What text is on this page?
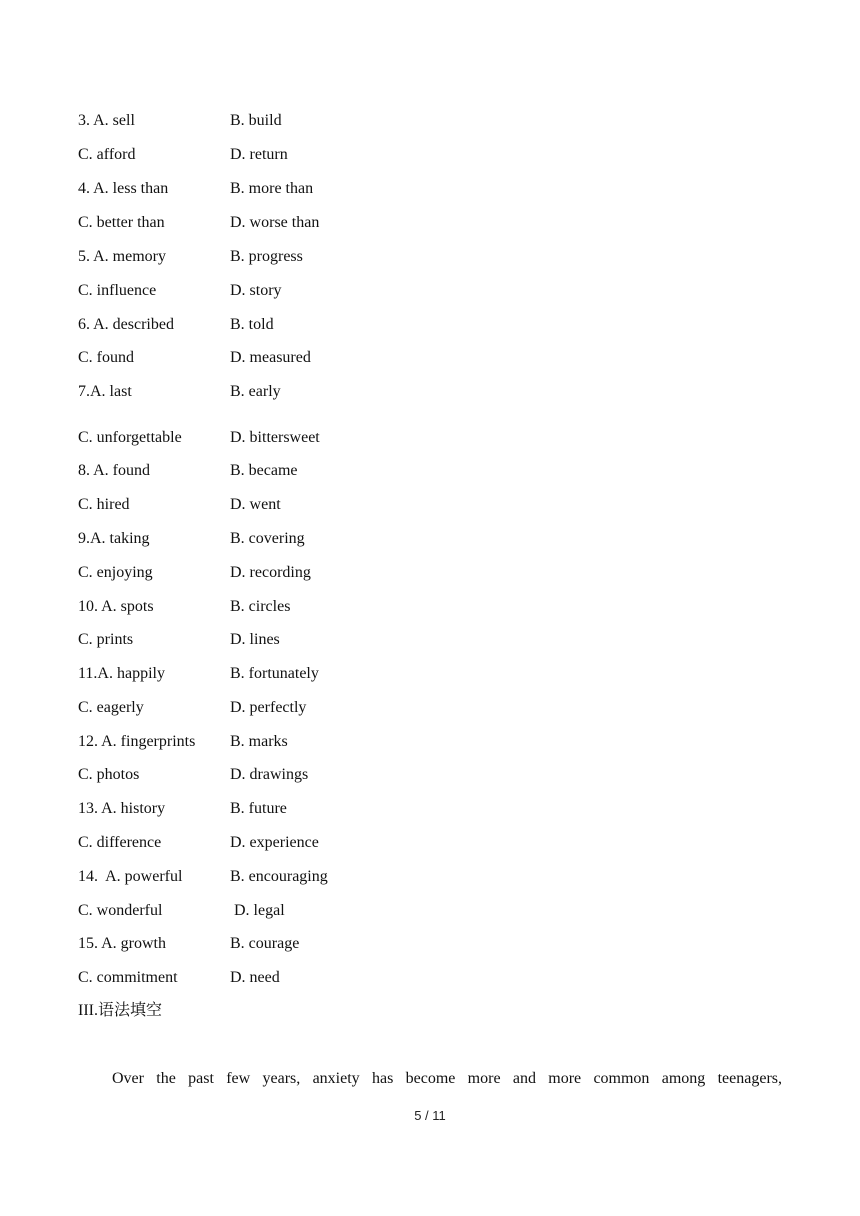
3. A. sell	B. build
C. afford	D. return
4. A. less than	B. more than
C. better than	D. worse than
5. A. memory	B. progress
C. influence	D. story
6. A. described	B. told
C. found	D. measured
7.A. last	B. early
C. unforgettable	D. bittersweet
8. A. found	B. became
C. hired	D. went
9.A. taking	B. covering
C. enjoying	D. recording
10. A. spots	B. circles
C. prints	D. lines
11.A. happily	B. fortunately
C. eagerly	D. perfectly
12. A. fingerprints B. marks
C. photos	D. drawings
13. A. history	B. future
C. difference	D. experience
14.  A. powerful	B. encouraging
C. wonderful	D. legal
15. A. growth	B. courage
C. commitment	D. need
III.语法填空
Over the past few years, anxiety has become more and more common among teenagers,
5 / 11
